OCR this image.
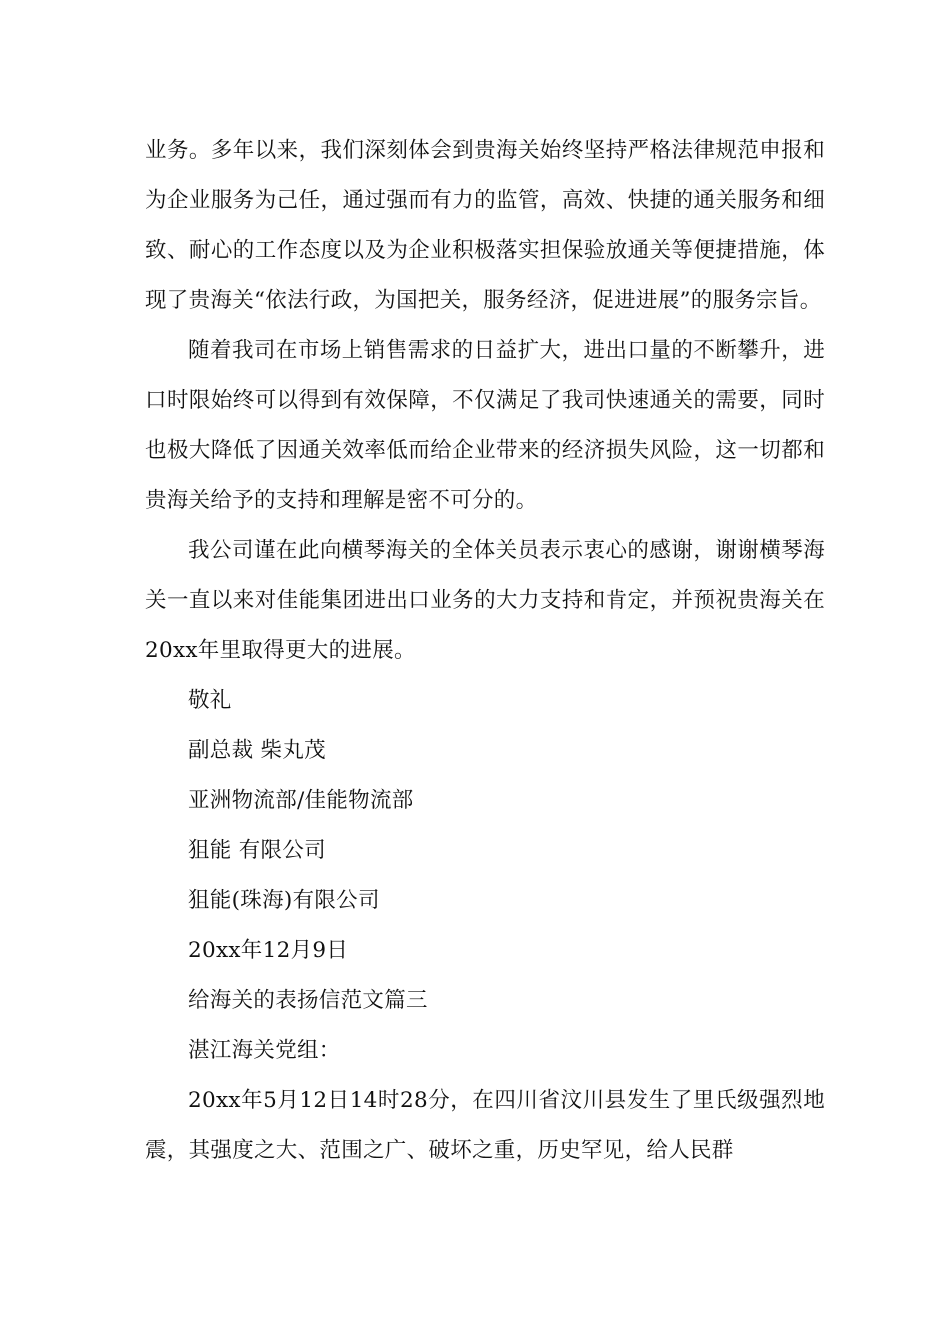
业务。多年以来，我们深刻体会到贵海关始终坚持严格法律规范申报和为企业服务为己任，通过强而有力的监管，高效、快捷的通关服务和细致、耐心的工作态度以及为企业积极落实担保验放通关等便捷措施，体现了贵海关“依法行政，为国把关，服务经济，促进进展”的服务宗旨。

随着我司在市场上销售需求的日益扩大，进出口量的不断攀升，进口时限始终可以得到有效保障，不仅满足了我司快速通关的需要，同时也极大降低了因通关效率低而给企业带来的经济损失风险，这一切都和贵海关给予的支持和理解是密不可分的。

我公司谨在此向横琴海关的全体关员表示衷心的感谢，谢谢横琴海关一直以来对佳能集团进出口业务的大力支持和肯定，并预祝贵海关在20xx年里取得更大的进展。

敬礼

副总裁 柴丸茂

亚洲物流部/佳能物流部

狙能 有限公司

狙能(珠海)有限公司

20xx年12月9日

给海关的表扬信范文篇三

湛江海关党组：

20xx年5月12日14时28分，在四川省汶川县发生了里氏级强烈地震，其强度之大、范围之广、破坏之重，历史罕见，给人民群
